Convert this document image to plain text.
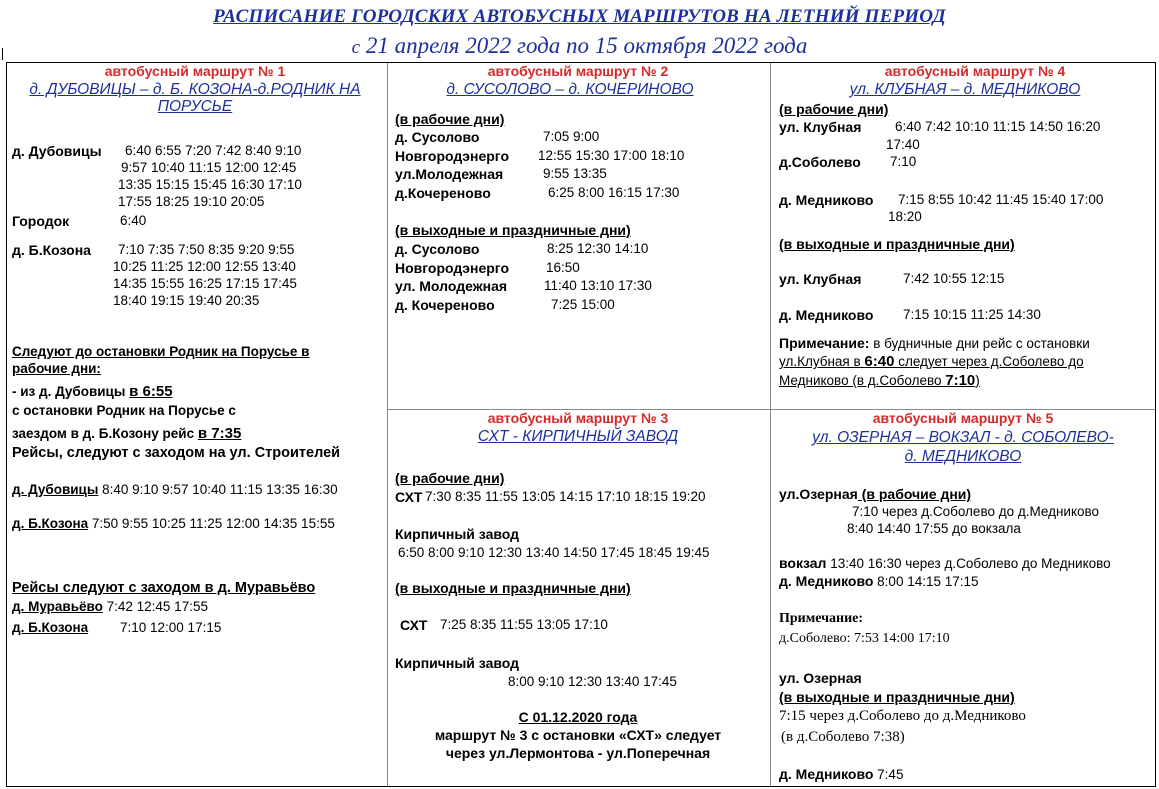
РАСПИСАНИЕ ГОРОДСКИХ АВТОБУСНЫХ МАРШРУТОВ НА ЛЕТНИЙ ПЕРИОД
с 21 апреля 2022 года по 15 октября 2022 года
автобусный маршрут № 1
д. ДУБОВИЦЫ – д. Б. КОЗОНА-д.РОДНИК НА
ПОРУСЬЕ
д. Дубовицы 6:40 6:55 7:20 7:42 8:40 9:10
9:57 10:40 11:15 12:00 12:45
13:35 15:15 15:45 16:30 17:10
17:55 18:25 19:10 20:05
Городок	6:40
д. Б.Козона 7:10 7:35 7:50 8:35 9:20 9:55
10:25 11:25 12:00 12:55 13:40
14:35 15:55 16:25 17:15 17:45
18:40 19:15 19:40 20:35
Следуют до остановки Родник на Порусье в
рабочие дни:
- из д. Дубовицы в 6:55
с остановки Родник на Порусье с
заездом в д. Б.Козону рейс в 7:35
Рейсы, следуют с заходом на ул. Строителей
д. Дубовицы 8:40 9:10 9:57 10:40 11:15 13:35 16:30
д. Б.Козона 7:50 9:55 10:25 11:25 12:00 14:35 15:55
Рейсы следуют с заходом в д. Муравьёво
д. Муравьёво 7:42 12:45 17:55
д. Б.Козона 7:10 12:00 17:15
автобусный маршрут № 2
д. СУСОЛОВО – д. КОЧЕРИНОВО
(в рабочие дни)
д. Сусолово	7:05 9:00
Новгородэнерго 12:55 15:30 17:00 18:10
ул.Молодежная	9:55 13:35
д.Кочереново	6:25 8:00 16:15 17:30
(в выходные и праздничные дни)
д. Сусолово	8:25 12:30 14:10
Новгородэнерго	16:50
ул. Молодежная	11:40 13:10 17:30
д. Кочереново	7:25 15:00
автобусный маршрут № 3
СХТ - КИРПИЧНЫЙ ЗАВОД
(в рабочие дни)
СХТ 7:30 8:35 11:55 13:05 14:15 17:10 18:15 19:20
Кирпичный завод
6:50 8:00 9:10 12:30 13:40 14:50 17:45 18:45 19:45
(в выходные и праздничные дни)
СХТ 7:25 8:35 11:55 13:05 17:10
Кирпичный завод
8:00 9:10 12:30 13:40 17:45
С 01.12.2020 года
маршрут № 3 с остановки «СХТ» следует
через ул.Лермонтова - ул.Поперечная
автобусный маршрут № 4
ул. КЛУБНАЯ – д. МЕДНИКОВО
(в рабочие дни)
ул. Клубная 6:40 7:42 10:10 11:15 14:50 16:20
17:40
д.Соболево 7:10
д. Медниково 7:15 8:55 10:42 11:45 15:40 17:00
18:20
(в выходные и праздничные дни)
ул. Клубная	7:42 10:55 12:15
д. Медниково 7:15 10:15 11:25 14:30
Примечание: в будничные дни рейс с остановки
ул.Клубная в 6:40 следует через д.Соболево до
Медниково (в д.Соболево 7:10)
автобусный маршрут № 5
ул. ОЗЕРНАЯ – ВОКЗАЛ - д. СОБОЛЕВО-
д. МЕДНИКОВО
ул.Озерная (в рабочие дни)
7:10 через д.Соболево до д.Медниково
8:40 14:40 17:55 до вокзала
вокзал 13:40 16:30 через д.Соболево до Медниково
д. Медниково 8:00 14:15 17:15
Примечание:
д.Соболево: 7:53 14:00 17:10
ул. Озерная
(в выходные и праздничные дни)
7:15 через д.Соболево до д.Медниково
(в д.Соболево 7:38)
д. Медниково 7:45
